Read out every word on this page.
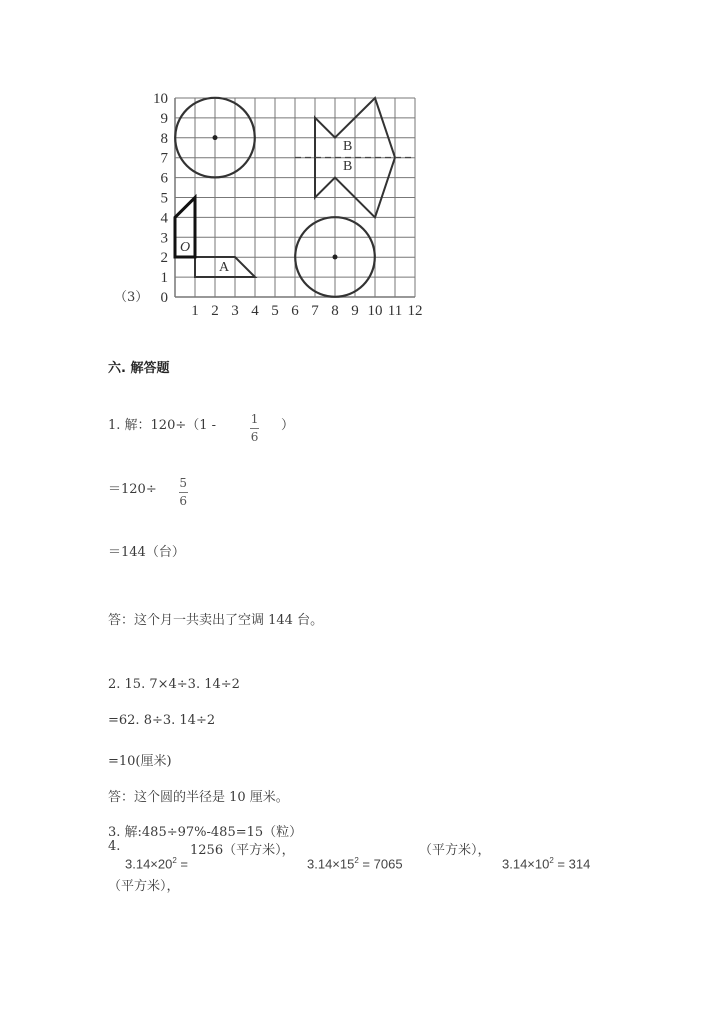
（3） 0
1
2
3
4
5
6
7
8
9
10
1 2 3 4 5 6 7 8 9 10 11 12
O
A
B
B
六. 解答题
1. 解：120÷（1 -	$\frac{1}{6}$ ）
$=120\div \frac{5}{6}$
＝144（台）
答：这个月一共卖出了空调 144 台。
2. 15. 7×4÷3. 14÷2
=62. 8÷3. 14÷2
=10(厘米)
答：这个圆的半径是 10 厘米。
3. 解:485÷97%-485=15（粒）
4.	1256（平方米），	（平方米），
$3.14\times 20^2$ =	$3.14\times 15^2 = 7065$	$3.14\times 10^2 = 314$
（平方米），
